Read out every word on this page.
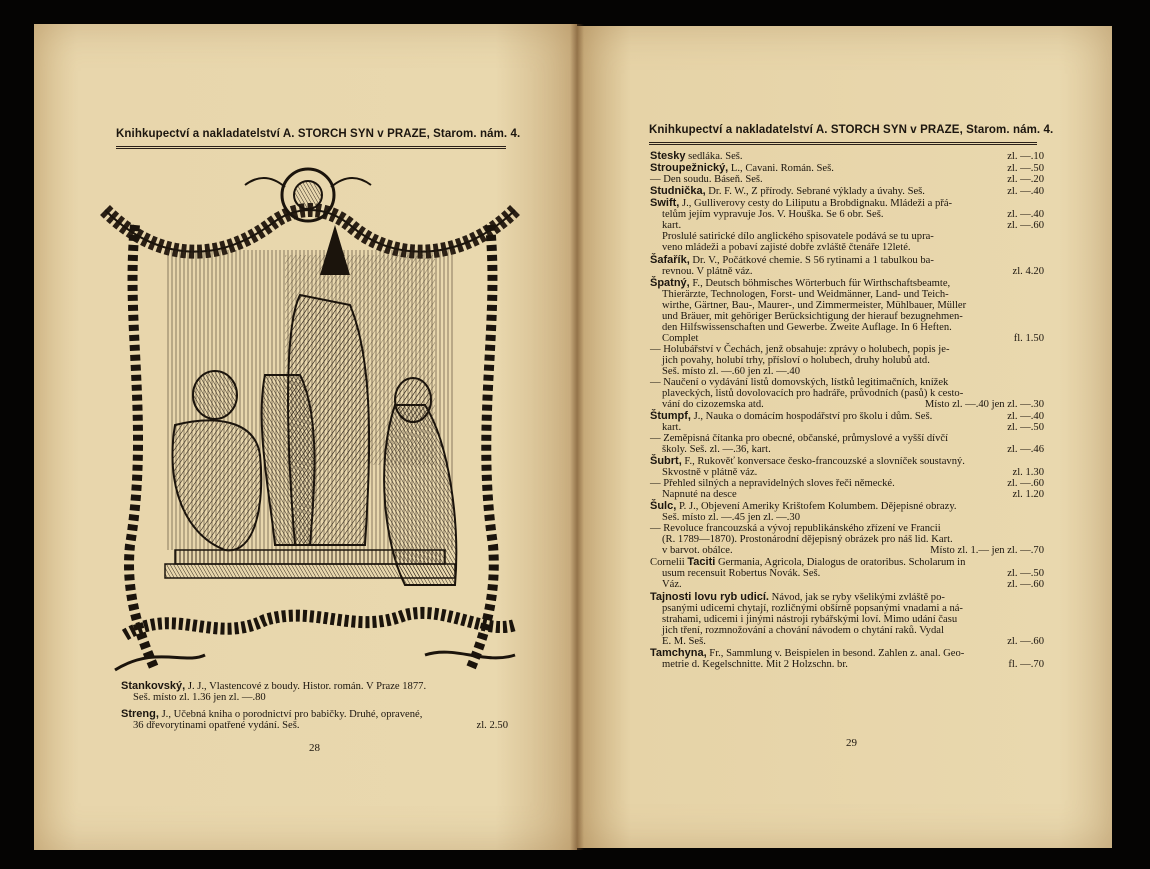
Knihkupectví a nakladatelství A. STORCH SYN v PRAZE, Starom. nám. 4.
Stankovský, J. J., Vlastencové z boudy. Histor. román. V Praze 1877.
Seš. místo zl. 1.36 jen zl. —.80
Streng, J., Učebná kniha o porodnictví pro babičky. Druhé, opravené,
36 dřevorytinami opatřené vydání. Seš.	zl. 2.50
28
Knihkupectví a nakladatelství A. STORCH SYN v PRAZE, Starom. nám. 4.
Stesky sedláka. Seš.	zl. —.10
Stroupežnický, L., Cavani. Román. Seš.	zl. —.50
— Den soudu. Báseň. Seš.	zl. —.20
Studnička, Dr. F. W., Z přírody. Sebrané výklady a úvahy. Seš.	zl. —.40
Swift, J., Gulliverovy cesty do Liliputu a Brobdignaku. Mládeži a přá-
telům jejím vypravuje Jos. V. Houška. Se 6 obr. Seš.	zl. —.40
kart.	zl. —.60
Proslulé satirické dílo anglického spisovatele podává se tu upra-
veno mládeži a pobaví zajisté dobře zvláště čtenáře 12leté.
Šafařík, Dr. V., Počátkové chemie. S 56 rytinami a 1 tabulkou ba-
revnou. V plátně váz.	zl. 4.20
Špatný, F., Deutsch böhmisches Wörterbuch für Wirthschaftsbeamte,
Thierärzte, Technologen, Forst- und Weidmänner, Land- und Teich-
wirthe, Gärtner, Bau-, Maurer-, und Zimmermeister, Mühlbauer, Müller
und Bräuer, mit gehöriger Berücksichtigung der hierauf bezugnehmen-
den Hilfswissenschaften und Gewerbe. Zweite Auflage. In 6 Heften.
Complet	fl. 1.50
— Holubářství v Čechách, jenž obsahuje: zprávy o holubech, popis je-
jich povahy, holubí trhy, přísloví o holubech, druhy holubů atd.
Seš. místo zl. —.60 jen zl. —.40
— Naučení o vydávání listů domovských, lístků legitimačních, knížek
plaveckých, listů dovolovacích pro hadráře, průvodních (pasů) k cesto-
vání do cizozemska atd.	Místo zl. —.40 jen zl. —.30
Štumpf, J., Nauka o domácím hospodářství pro školu i dům. Seš.	zl. —.40
kart.	zl. —.50
— Zeměpisná čítanka pro obecné, občanské, průmyslové a vyšší dívčí
školy. Seš. zl. —.36, kart.	zl. —.46
Šubrt, F., Rukověť konversace česko-francouzské a slovníček soustavný.
Skvostně v plátně váz.	zl. 1.30
— Přehled silných a nepravidelných sloves řeči německé.	zl. —.60
Napnuté na desce	zl. 1.20
Šulc, P. J., Objevení Ameriky Krištofem Kolumbem. Dějepisné obrazy.
Seš. místo zl. —.45 jen zl. —.30
— Revoluce francouzská a vývoj republikánského zřízení ve Francii
(R. 1789—1870). Prostonárodní dějepisný obrázek pro náš lid. Kart.
v barvot. obálce.	Místo zl. 1.— jen zl. —.70
Cornelii Taciti Germania, Agricola, Dialogus de oratoribus. Scholarum in
usum recensuit Robertus Novák. Seš.	zl. —.50
Váz.	zl. —.60
Tajnosti lovu ryb udicí. Návod, jak se ryby všelikými zvláště po-
psanými udicemi chytají, rozličnými obšírně popsanými vnadami a ná-
strahami, udicemi i jinými nástroji rybářskými loví. Mimo udání času
jich tření, rozmnožování a chování návodem o chytání raků. Vydal
E. M. Seš.	zl. —.60
Tamchyna, Fr., Sammlung v. Beispielen in besond. Zahlen z. anal. Geo-
metrie d. Kegelschnitte. Mit 2 Holzschn. br.	fl. —.70
29
